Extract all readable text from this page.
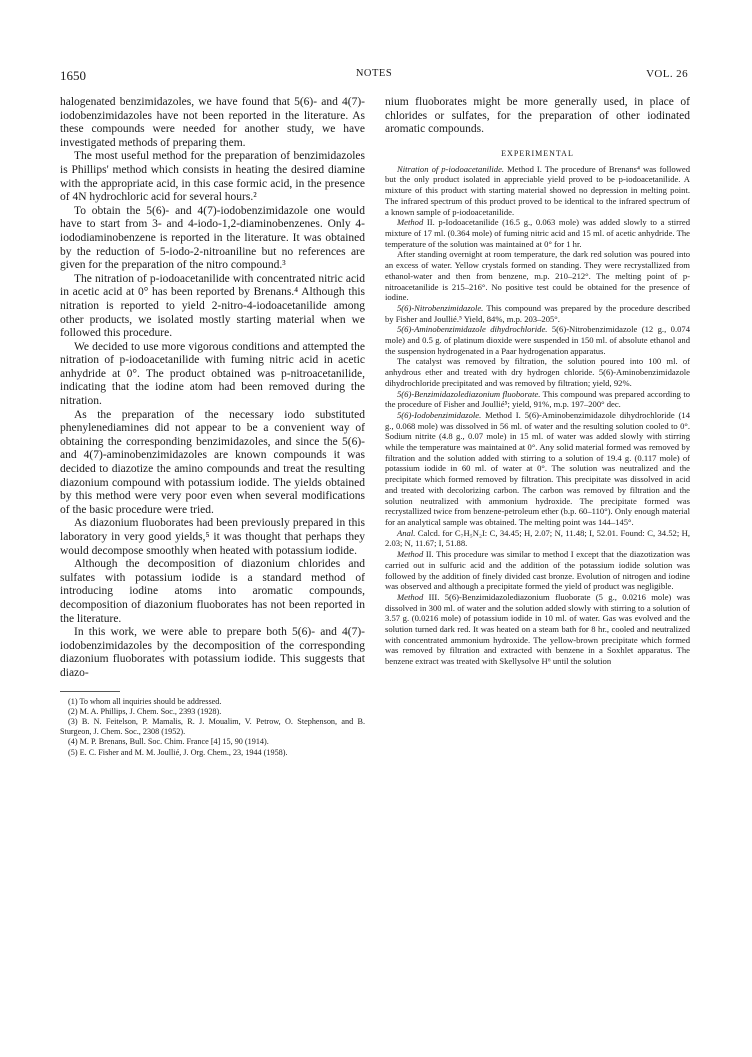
1650	NOTES	VOL. 26

halogenated benzimidazoles, we have found that 5(6)- and 4(7)-iodobenzimidazoles have not been reported in the literature. As these compounds were needed for another study, we have investigated methods of preparing them.

The most useful method for the preparation of benzimidazoles is Phillips' method which consists in heating the desired diamine with the appropriate acid, in this case formic acid, in the presence of 4N hydrochloric acid for several hours.²

To obtain the 5(6)- and 4(7)-iodobenzimidazole one would have to start from 3- and 4-iodo-1,2-diaminobenzenes. Only 4-iododiaminobenzene is reported in the literature. It was obtained by the reduction of 5-iodo-2-nitroaniline but no references are given for the preparation of the nitro compound.³

The nitration of p-iodoacetanilide with concentrated nitric acid in acetic acid at 0° has been reported by Brenans.⁴ Although this nitration is reported to yield 2-nitro-4-iodoacetanilide among other products, we isolated mostly starting material when we followed this procedure.

We decided to use more vigorous conditions and attempted the nitration of p-iodoacetanilide with fuming nitric acid in acetic anhydride at 0°. The product obtained was p-nitroacetanilide, indicating that the iodine atom had been removed during the nitration.

As the preparation of the necessary iodo substituted phenylenediamines did not appear to be a convenient way of obtaining the corresponding benzimidazoles, and since the 5(6)- and 4(7)-aminobenzimidazoles are known compounds it was decided to diazotize the amino compounds and treat the resulting diazonium compound with potassium iodide. The yields obtained by this method were very poor even when several modifications of the basic procedure were tried.

As diazonium fluoborates had been previously prepared in this laboratory in very good yields,⁵ it was thought that perhaps they would decompose smoothly when heated with potassium iodide.

Although the decomposition of diazonium chlorides and sulfates with potassium iodide is a standard method of introducing iodine atoms into aromatic compounds, decomposition of diazonium fluoborates has not been reported in the literature.

In this work, we were able to prepare both 5(6)- and 4(7)-iodobenzimidazoles by the decomposition of the corresponding diazonium fluoborates with potassium iodide. This suggests that diazo-

(1) To whom all inquiries should be addressed.

(2) M. A. Phillips, J. Chem. Soc., 2393 (1928).

(3) B. N. Feitelson, P. Mamalis, R. J. Moualim, V. Petrow, O. Stephenson, and B. Sturgeon, J. Chem. Soc., 2308 (1952).

(4) M. P. Brenans, Bull. Soc. Chim. France [4] 15, 90 (1914).

(5) E. C. Fisher and M. M. Joullié, J. Org. Chem., 23, 1944 (1958).

nium fluoborates might be more generally used, in place of chlorides or sulfates, for the preparation of other iodinated aromatic compounds.

EXPERIMENTAL

Nitration of p-iodoacetanilide. Method I. The procedure of Brenans⁴ was followed but the only product isolated in appreciable yield proved to be p-iodoacetanilide. A mixture of this product with starting material showed no depression in melting point. The infrared spectrum of this product proved to be identical to the infrared spectrum of a known sample of p-iodoacetanilide.

Method II. p-Iodoacetanilide (16.5 g., 0.063 mole) was added slowly to a stirred mixture of 17 ml. (0.364 mole) of fuming nitric acid and 15 ml. of acetic anhydride. The temperature of the solution was maintained at 0° for 1 hr.

After standing overnight at room temperature, the dark red solution was poured into an excess of water. Yellow crystals formed on standing. They were recrystallized from ethanol-water and then from benzene, m.p. 210–212°. The melting point of p-nitroacetanilide is 215–216°. No positive test could be obtained for the presence of iodine.

5(6)-Nitrobenzimidazole. This compound was prepared by the procedure described by Fisher and Joullié.⁵ Yield, 84%, m.p. 203–205°.

5(6)-Aminobenzimidazole dihydrochloride. 5(6)-Nitrobenzimidazole (12 g., 0.074 mole) and 0.5 g. of platinum dioxide were suspended in 150 ml. of absolute ethanol and the suspension hydrogenated in a Paar hydrogenation apparatus.

The catalyst was removed by filtration, the solution poured into 100 ml. of anhydrous ether and treated with dry hydrogen chloride. 5(6)-Aminobenzimidazole dihydrochloride precipitated and was removed by filtration; yield, 92%.

5(6)-Benzimidazolediazonium fluoborate. This compound was prepared according to the procedure of Fisher and Joullié⁵; yield, 91%, m.p. 197–200° dec.

5(6)-Iodobenzimidazole. Method I. 5(6)-Aminobenzimidazole dihydrochloride (14 g., 0.068 mole) was dissolved in 56 ml. of water and the resulting solution cooled to 0°. Sodium nitrite (4.8 g., 0.07 mole) in 15 ml. of water was added slowly with stirring while the temperature was maintained at 0°. Any solid material formed was removed by filtration and the solution added with stirring to a solution of 19.4 g. (0.117 mole) of potassium iodide in 60 ml. of water at 0°. The solution was neutralized and the precipitate which formed removed by filtration. This precipitate was dissolved in acid and treated with decolorizing carbon. The carbon was removed by filtration and the solution neutralized with ammonium hydroxide. The precipitate formed was recrystallized twice from benzene-petroleum ether (b.p. 60–110°). Only enough material for an analytical sample was obtained. The melting point was 144–145°.

Anal. Calcd. for C₇H₅N₂I: C, 34.45; H, 2.07; N, 11.48; I, 52.01. Found: C, 34.52; H, 2.03; N, 11.67; I, 51.88.

Method II. This procedure was similar to method I except that the diazotization was carried out in sulfuric acid and the addition of the potassium iodide solution was followed by the addition of finely divided cast bronze. Evolution of nitrogen and iodine was observed and although a precipitate formed the yield of product was negligible.

Method III. 5(6)-Benzimidazolediazonium fluoborate (5 g., 0.0216 mole) was dissolved in 300 ml. of water and the solution added slowly with stirring to a solution of 3.57 g. (0.0216 mole) of potassium iodide in 10 ml. of water. Gas was evolved and the solution turned dark red. It was heated on a steam bath for 8 hr., cooled and neutralized with concentrated ammonium hydroxide. The yellow-brown precipitate which formed was removed by filtration and extracted with benzene in a Soxhlet apparatus. The benzene extract was treated with Skellysolve H⁶ until the solution
